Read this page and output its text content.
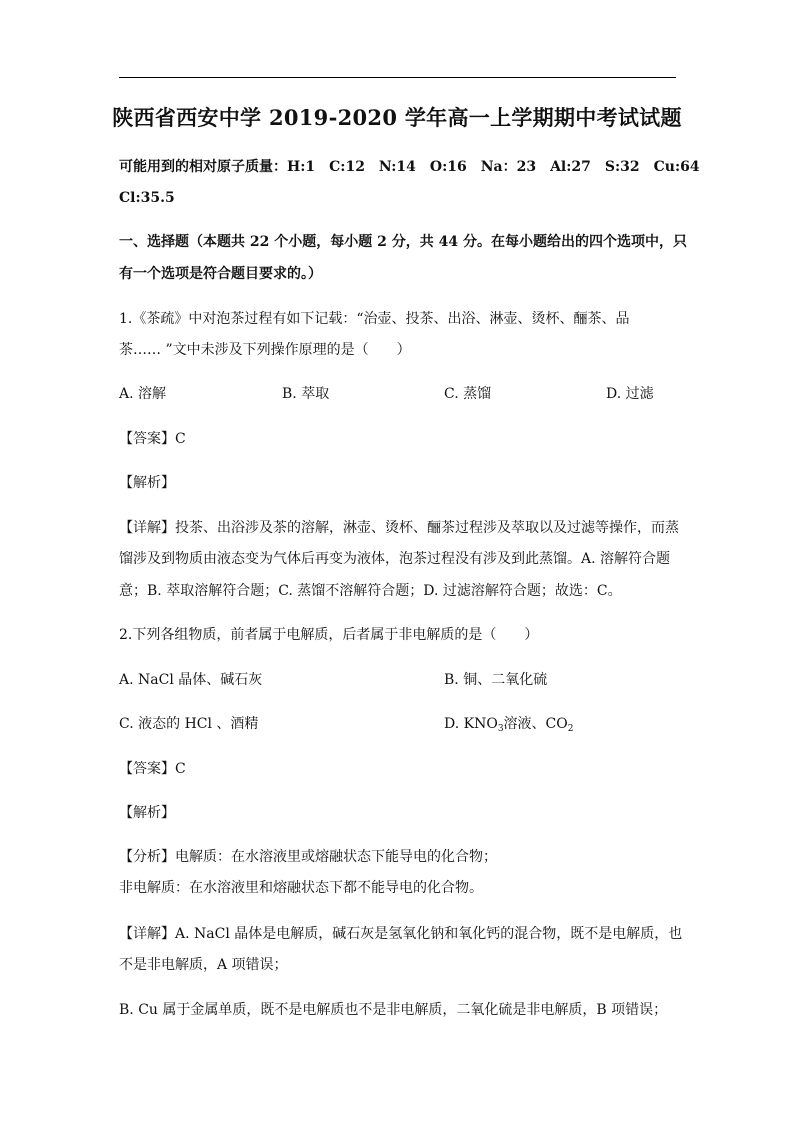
陕西省西安中学 2019-2020 学年高一上学期期中考试试题
可能用到的相对原子质量：H:1　C:12　N:14　O:16　Na：23　Al:27　S:32　Cu:64
Cl:35.5
一、选择题（本题共 22 个小题，每小题 2 分，共 44 分。在每小题给出的四个选项中，只
有一个选项是符合题目要求的。）
1.《茶疏》中对泡茶过程有如下记载：“治壶、投茶、出浴、淋壶、烫杯、酾茶、品
茶…… ”文中未涉及下列操作原理的是（　　）
A. 溶解	B. 萃取	C. 蒸馏	D. 过滤
【答案】C
【解析】
【详解】投茶、出浴涉及茶的溶解，淋壶、烫杯、酾茶过程涉及萃取以及过滤等操作，而蒸
馏涉及到物质由液态变为气体后再变为液体，泡茶过程没有涉及到此蒸馏。A. 溶解符合题
意；B. 萃取溶解符合题；C. 蒸馏不溶解符合题；D. 过滤溶解符合题；故选：C。
2.下列各组物质，前者属于电解质，后者属于非电解质的是（　　）
A. NaCl 晶体、碱石灰	B. 铜、二氧化硫
C. 液态的 HCl 、酒精	D. $KNO_3$溶液、$CO_2$
【答案】C
【解析】
【分析】电解质：在水溶液里或熔融状态下能导电的化合物；
非电解质：在水溶液里和熔融状态下都不能导电的化合物。
【详解】A. NaCl 晶体是电解质，碱石灰是氢氧化钠和氧化钙的混合物，既不是电解质，也
不是非电解质，A 项错误；
B. Cu 属于金属单质，既不是电解质也不是非电解质，二氧化硫是非电解质，B 项错误；
